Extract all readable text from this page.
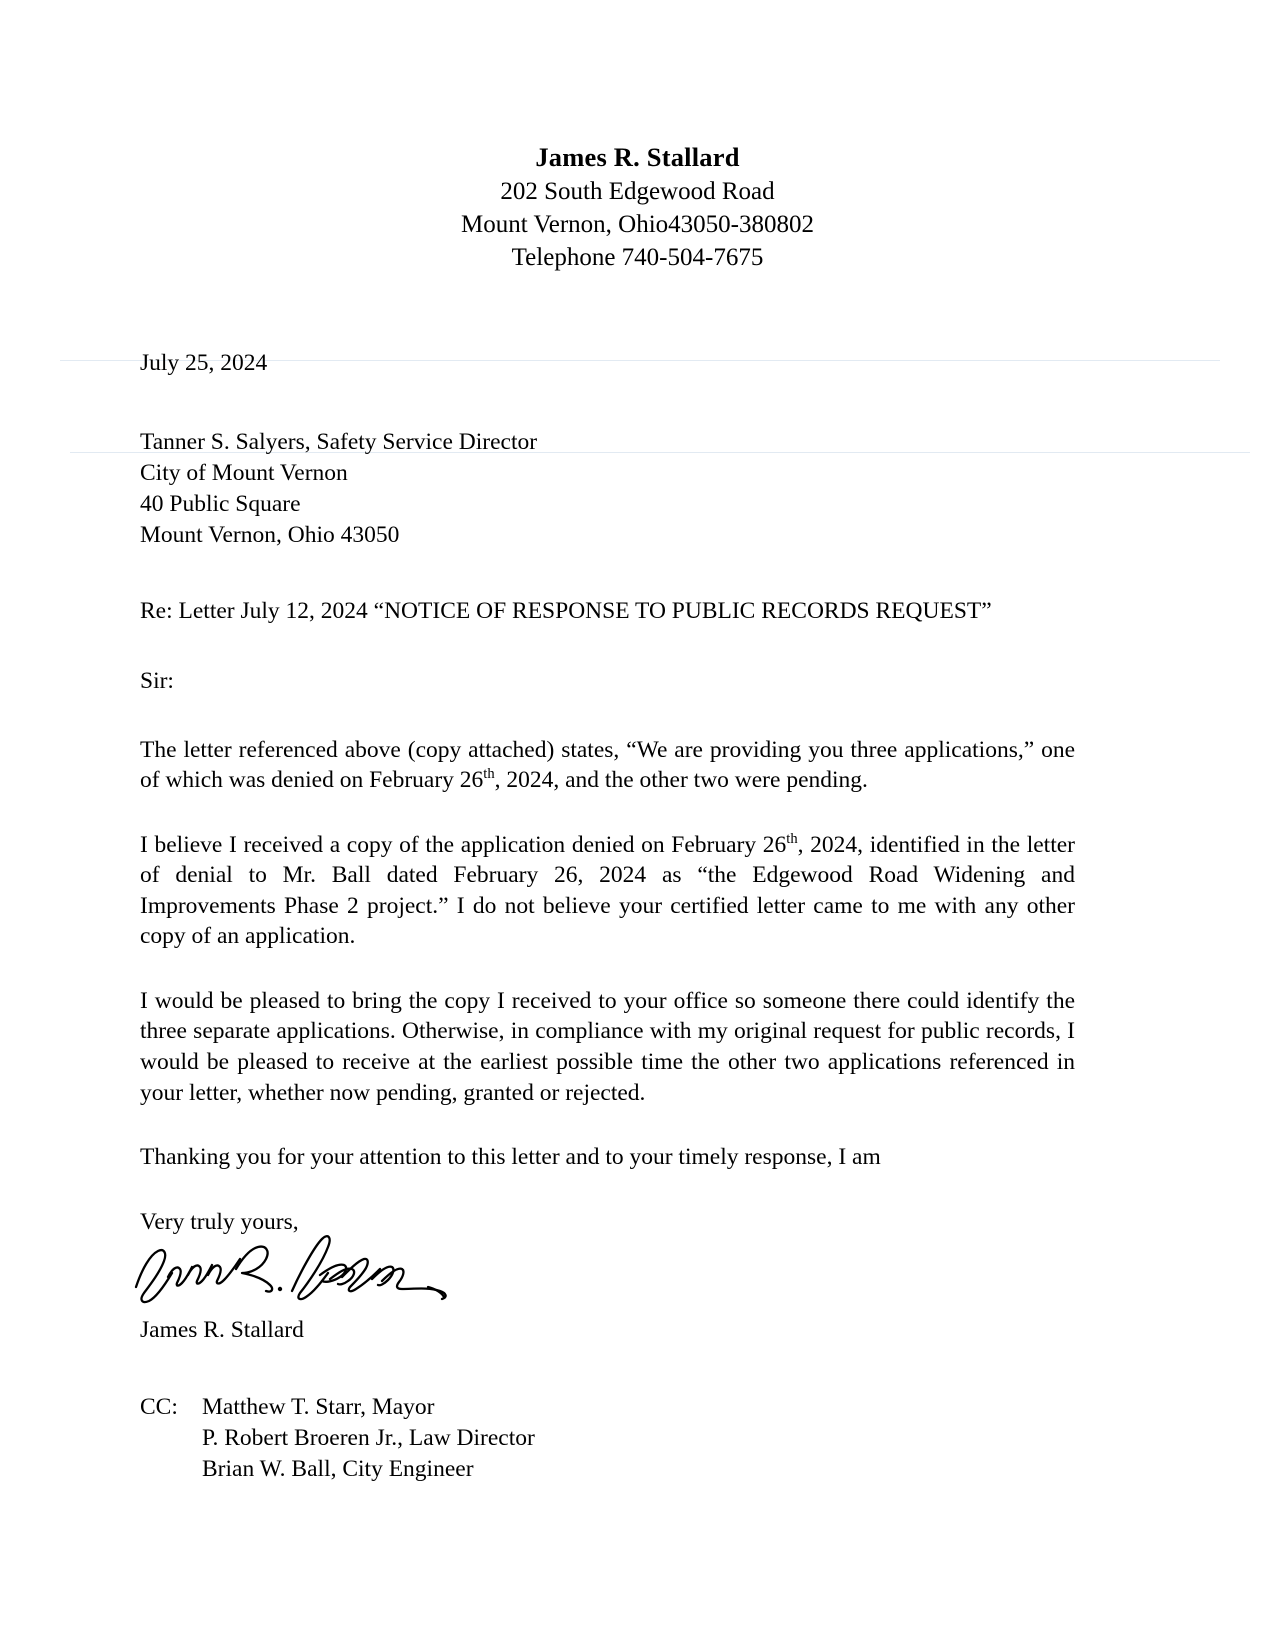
James R. Stallard
202 South Edgewood Road
Mount Vernon, Ohio43050-380802
Telephone 740-504-7675
July 25, 2024
Tanner S. Salyers, Safety Service Director
City of Mount Vernon
40 Public Square
Mount Vernon, Ohio 43050
Re: Letter July 12, 2024 “NOTICE OF RESPONSE TO PUBLIC RECORDS REQUEST”
Sir:

The letter referenced above (copy attached) states, “We are providing you three applications,” one of which was denied on February 26th, 2024, and the other two were pending.

I believe I received a copy of the application denied on February 26th, 2024, identified in the letter of denial to Mr. Ball dated February 26, 2024 as “the Edgewood Road Widening and Improvements Phase 2 project.” I do not believe your certified letter came to me with any other copy of an application.

I would be pleased to bring the copy I received to your office so someone there could identify the three separate applications. Otherwise, in compliance with my original request for public records, I would be pleased to receive at the earliest possible time the other two applications referenced in your letter, whether now pending, granted or rejected.

Thanking you for your attention to this letter and to your timely response, I am

Very truly yours,
James R. Stallard
CC:	Matthew T. Starr, Mayor
P. Robert Broeren Jr., Law Director
Brian W. Ball, City Engineer
